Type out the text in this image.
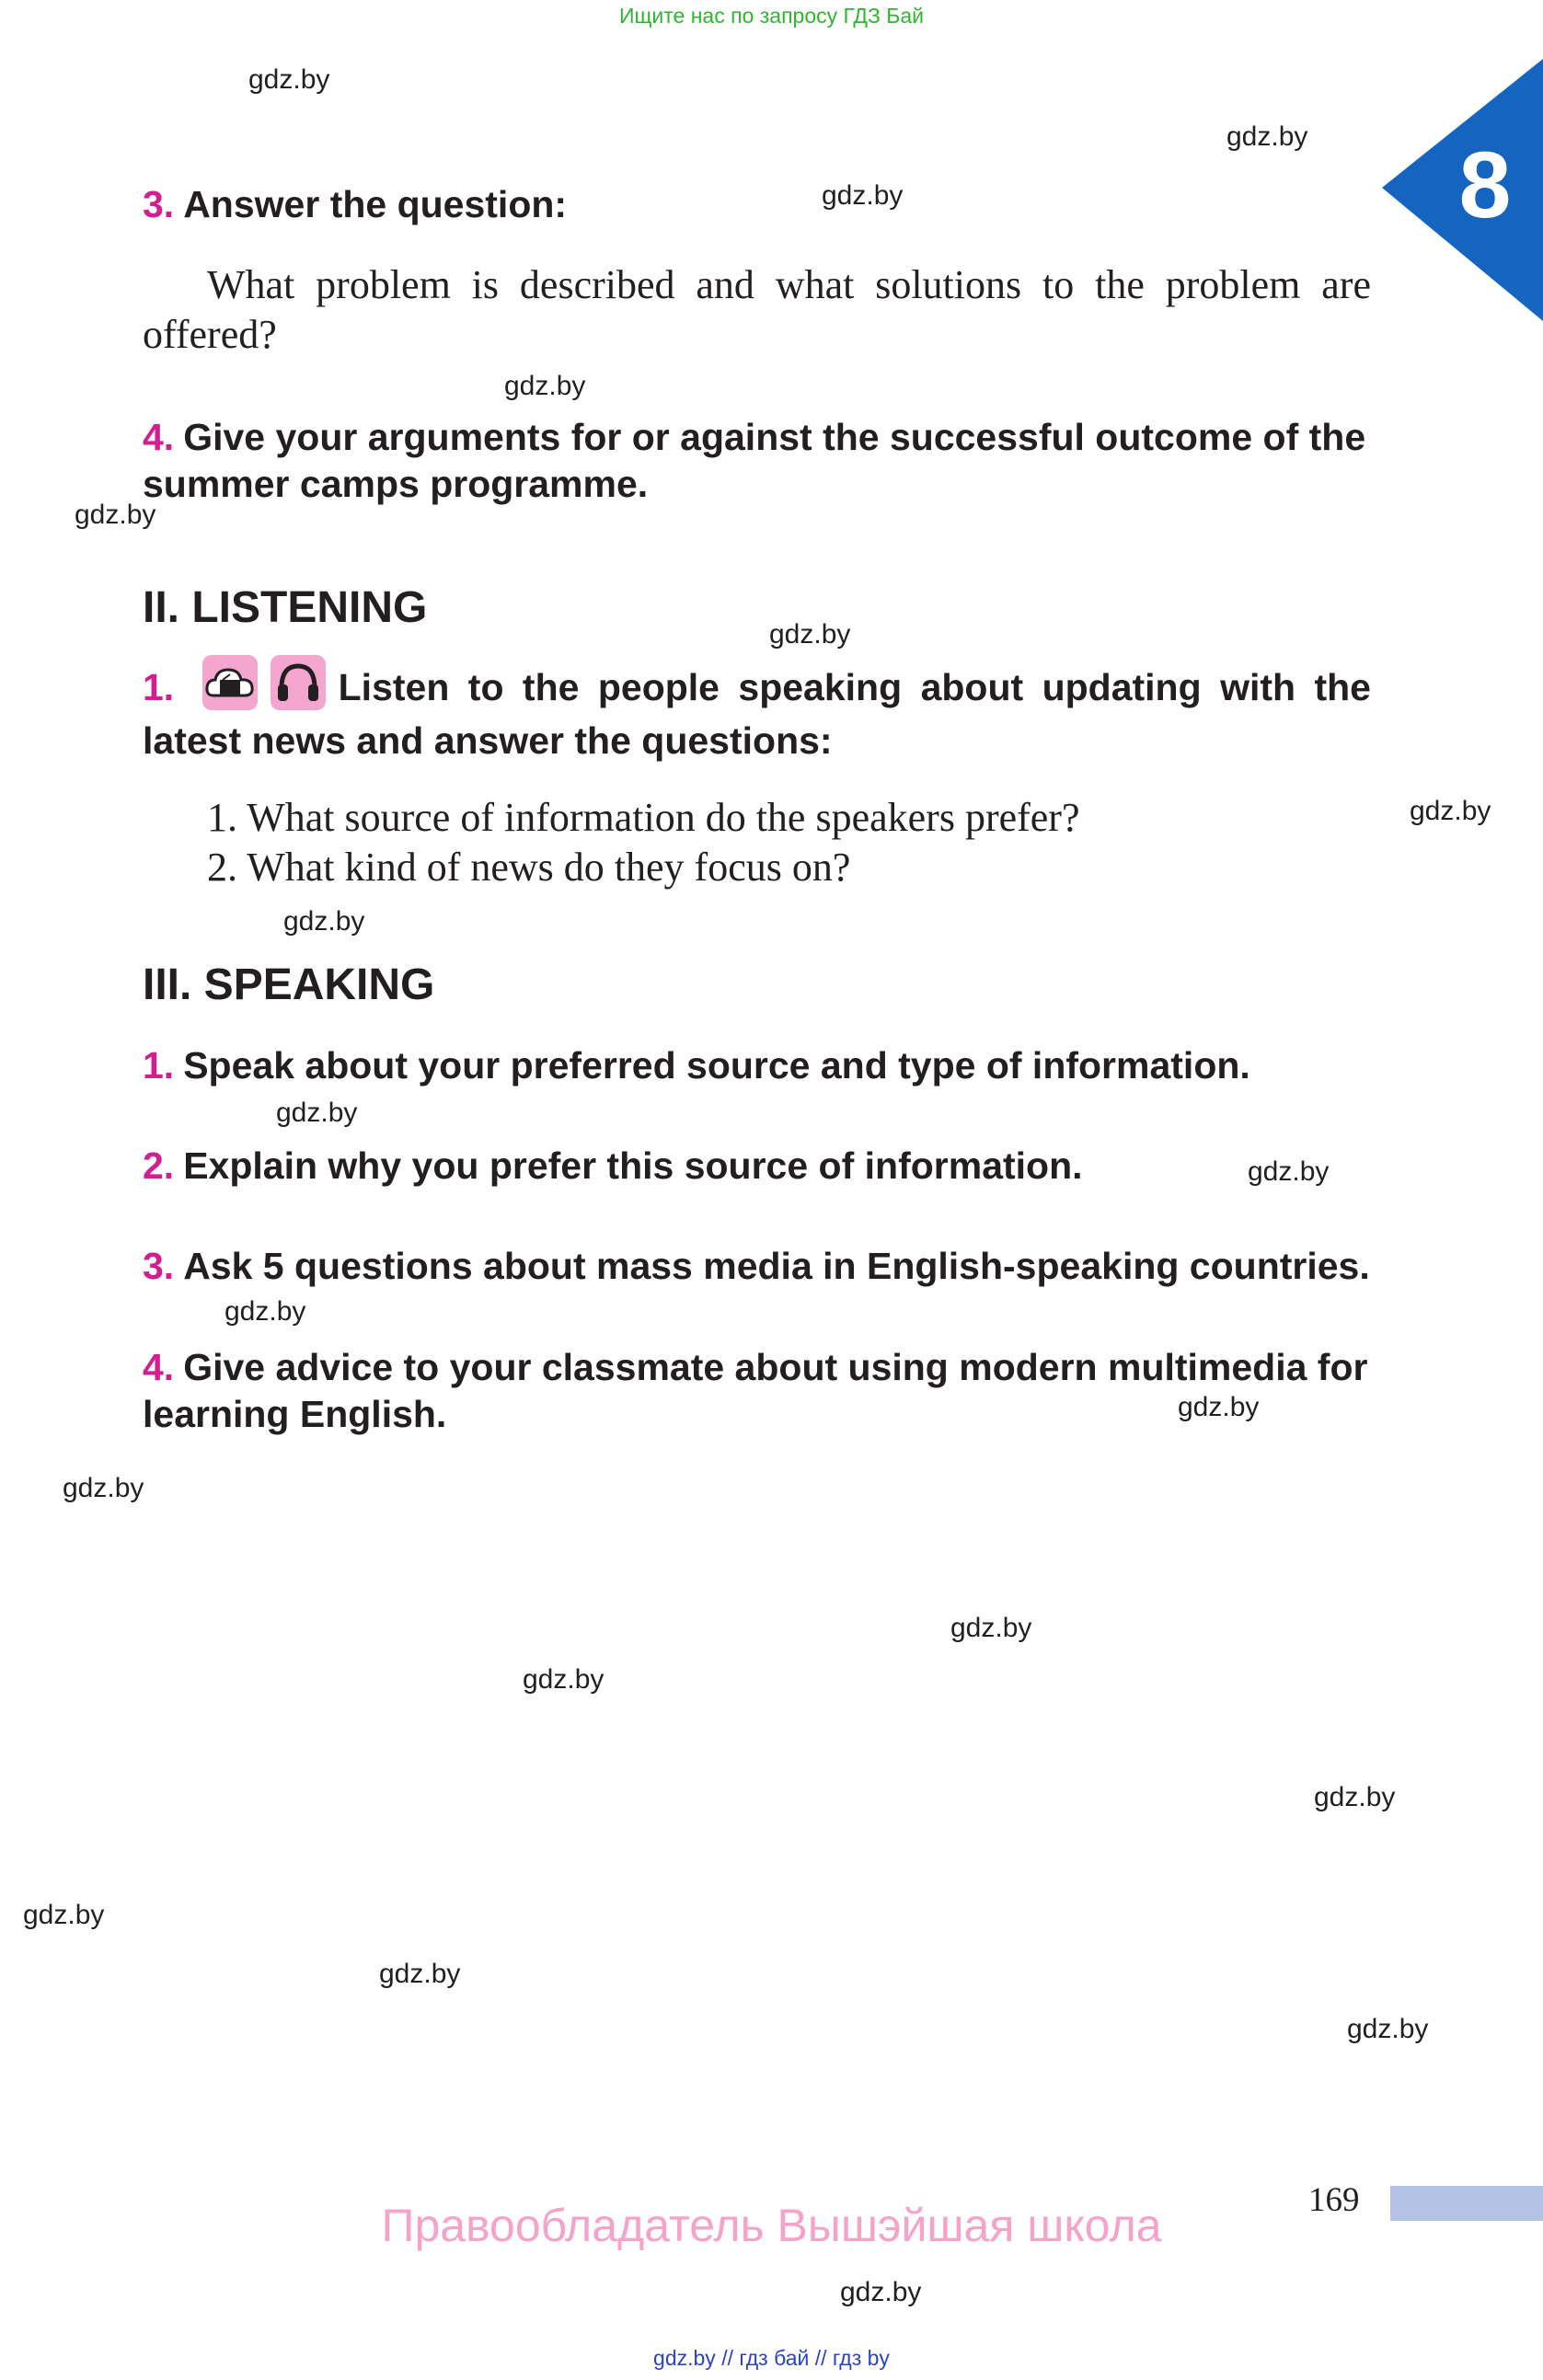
Ищите нас по запросу ГДЗ Бай
8
gdz.by
gdz.by
gdz.by
gdz.by
gdz.by
gdz.by
gdz.by
gdz.by
gdz.by
gdz.by
gdz.by
gdz.by
gdz.by
gdz.by
gdz.by
gdz.by
gdz.by
gdz.by
gdz.by
gdz.by
3. Answer the question:
What problem is described and what solutions to the problem are offered?
4. Give your arguments for or against the successful outcome of the summer camps programme.
II. LISTENING
1.	Listen to the people speaking about updating with the latest news and answer the questions:
1. What source of information do the speakers prefer?
2. What kind of news do they focus on?
III. SPEAKING
1. Speak about your preferred source and type of information.
2. Explain why you prefer this source of information.
3. Ask 5 questions about mass media in English-speaking countries.
4. Give advice to your classmate about using modern multimedia for learning English.
169
Правообладатель Вышэйшая школа
gdz.by // гдз бай // гдз by
